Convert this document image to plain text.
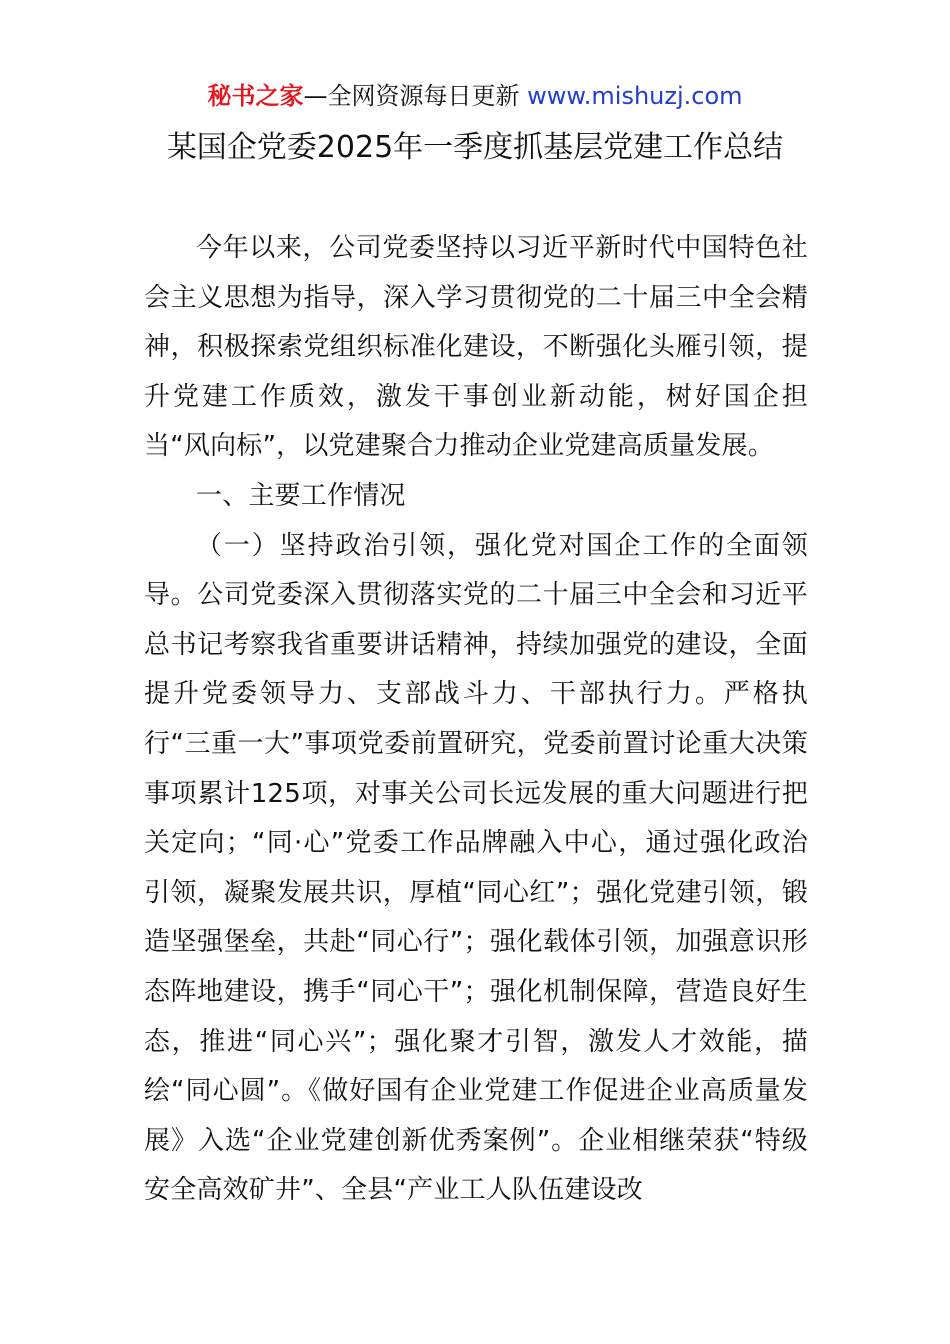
秘书之家—全网资源每日更新 www.mishuzj.com
某国企党委2025年一季度抓基层党建工作总结

今年以来，公司党委坚持以习近平新时代中国特色社会主义思想为指导，深入学习贯彻党的二十届三中全会精神，积极探索党组织标准化建设，不断强化头雁引领，提升党建工作质效，激发干事创业新动能，树好国企担当“风向标”，以党建聚合力推动企业党建高质量发展。

一、主要工作情况

（一）坚持政治引领，强化党对国企工作的全面领导。公司党委深入贯彻落实党的二十届三中全会和习近平总书记考察我省重要讲话精神，持续加强党的建设，全面提升党委领导力、支部战斗力、干部执行力。严格执行“三重一大”事项党委前置研究，党委前置讨论重大决策事项累计125项，对事关公司长远发展的重大问题进行把关定向；“同·心”党委工作品牌融入中心，通过强化政治引领，凝聚发展共识，厚植“同心红”；强化党建引领，锻造坚强堡垒，共赴“同心行”；强化载体引领，加强意识形态阵地建设，携手“同心干”；强化机制保障，营造良好生态，推进“同心兴”；强化聚才引智，激发人才效能，描绘“同心圆”。《做好国有企业党建工作促进企业高质量发展》入选“企业党建创新优秀案例”。企业相继荣获“特级安全高效矿井”、全县“产业工人队伍建设改
